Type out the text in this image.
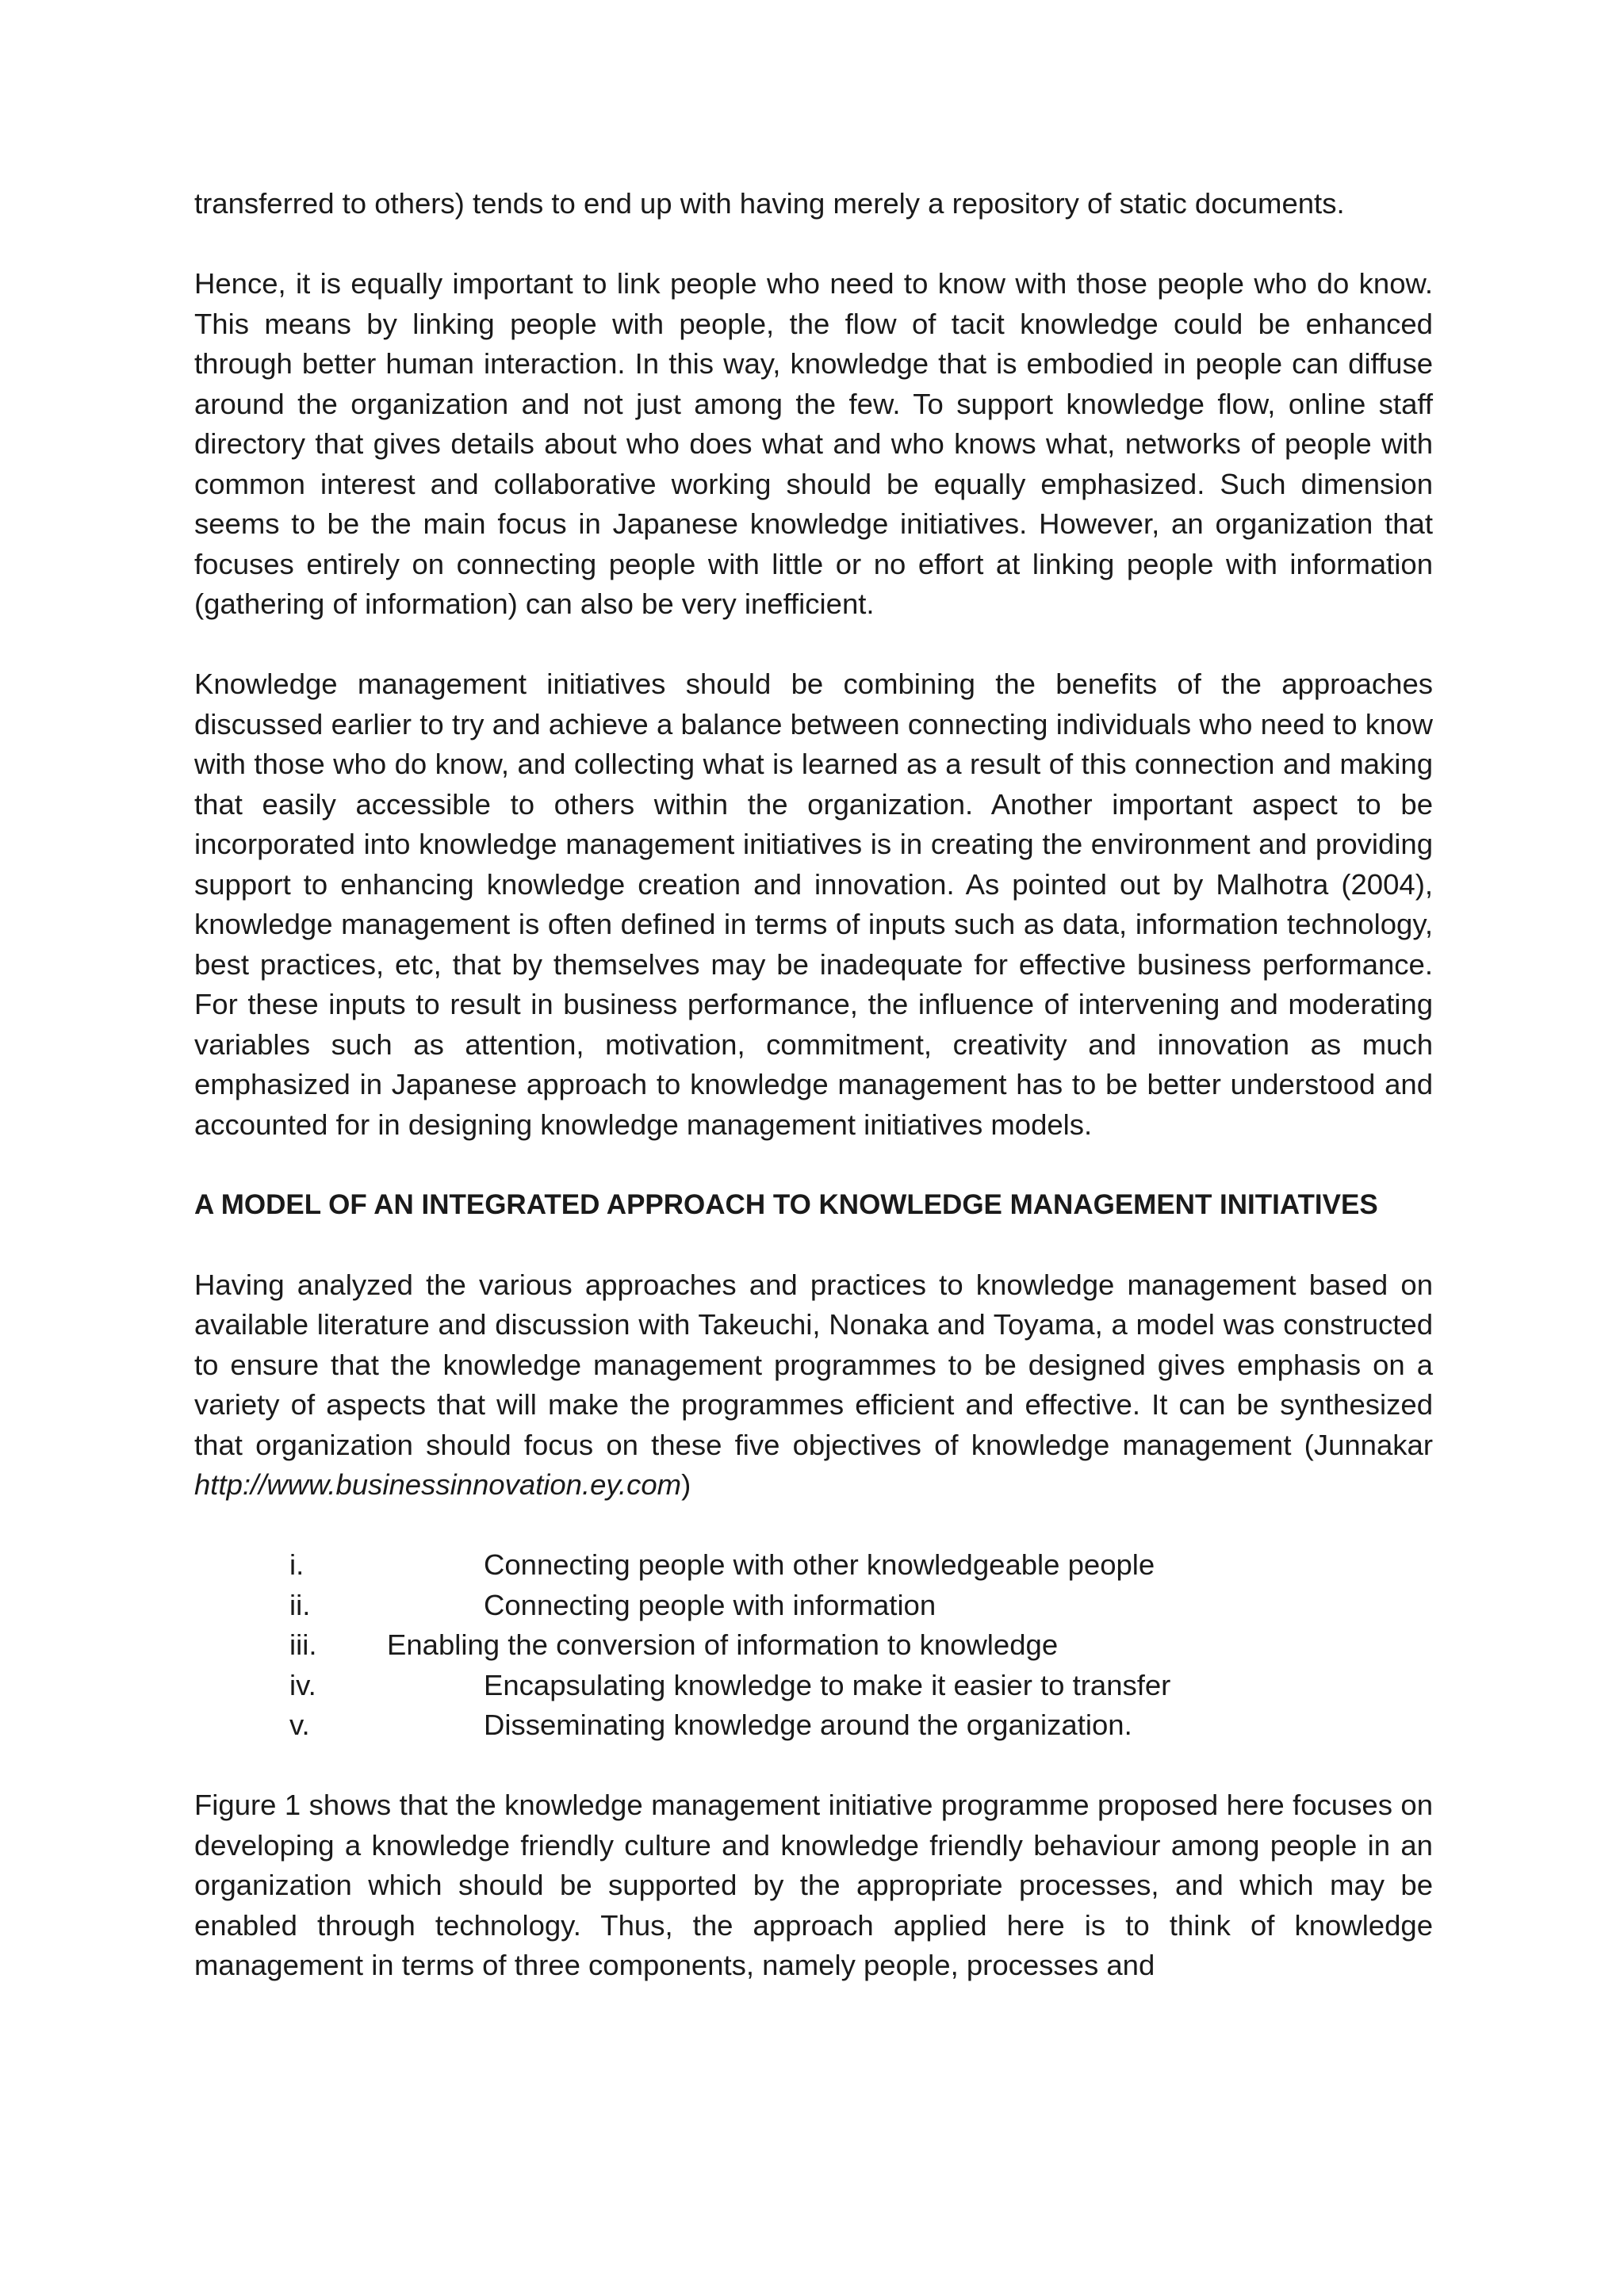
transferred to others) tends to end up with having merely a repository of static documents.

Hence, it is equally important to link people who need to know with those people who do know. This means by linking people with people, the flow of tacit knowledge could be enhanced through better human interaction. In this way, knowledge that is embodied in people can diffuse around the organization and not just among the few. To support knowledge flow, online staff directory that gives details about who does what and who knows what, networks of people with common interest and collaborative working should be equally emphasized. Such dimension seems to be the main focus in Japanese knowledge initiatives. However, an organization that focuses entirely on connecting people with little or no effort at linking people with information (gathering of information) can also be very inefficient.

Knowledge management initiatives should be combining the benefits of the approaches discussed earlier to try and achieve a balance between connecting individuals who need to know with those who do know, and collecting what is learned as a result of this connection and making that easily accessible to others within the organization. Another important aspect to be incorporated into knowledge management initiatives is in creating the environment and providing support to enhancing knowledge creation and innovation. As pointed out by Malhotra (2004), knowledge management is often defined in terms of inputs such as data, information technology, best practices, etc, that by themselves may be inadequate for effective business performance. For these inputs to result in business performance, the influence of intervening and moderating variables such as attention, motivation, commitment, creativity and innovation as much emphasized in Japanese approach to knowledge management has to be better understood and accounted for in designing knowledge management initiatives models.

A MODEL OF AN INTEGRATED APPROACH TO KNOWLEDGE MANAGEMENT INITIATIVES

Having analyzed the various approaches and practices to knowledge management based on available literature and discussion with Takeuchi, Nonaka and Toyama, a model was constructed to ensure that the knowledge management programmes to be designed gives emphasis on a variety of aspects that will make the programmes efficient and effective. It can be synthesized that organization should focus on these five objectives of knowledge management (Junnakar http://www.businessinnovation.ey.com)

i.	Connecting people with other knowledgeable people
ii.	Connecting people with information
iii. Enabling the conversion of information to knowledge
iv.	Encapsulating knowledge to make it easier to transfer
v.	Disseminating knowledge around the organization.

Figure 1 shows that the knowledge management initiative programme proposed here focuses on developing a knowledge friendly culture and knowledge friendly behaviour among people in an organization which should be supported by the appropriate processes, and which may be enabled through technology. Thus, the approach applied here is to think of knowledge management in terms of three components, namely people, processes and
